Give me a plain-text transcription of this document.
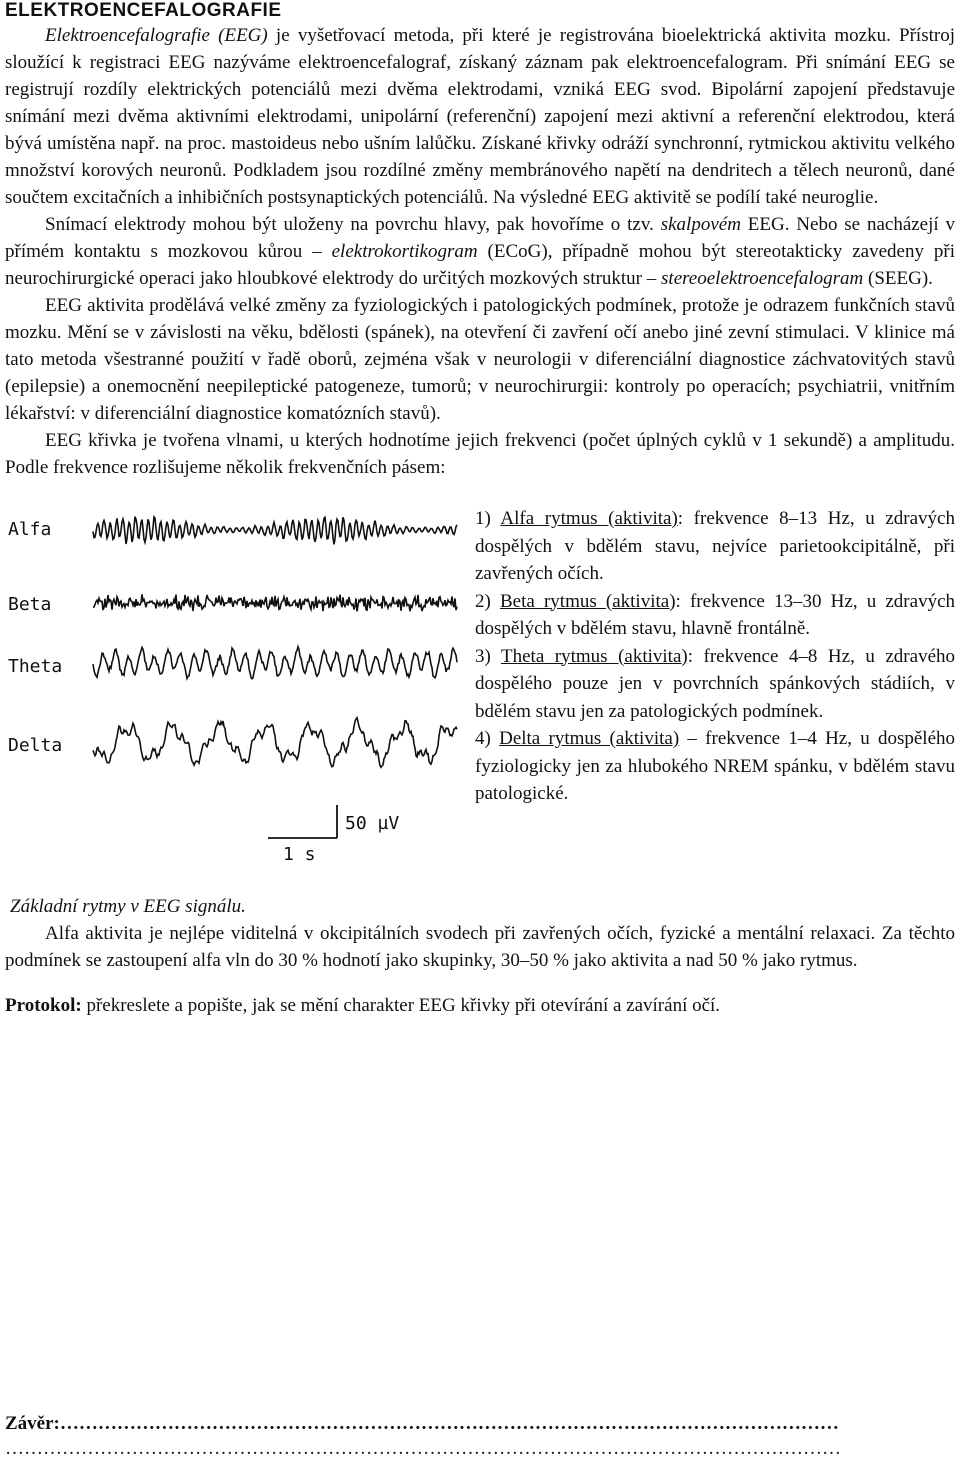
ELEKTROENCEFALOGRAFIE

Elektroencefalografie (EEG) je vyšetřovací metoda, při které je registrována bioelektrická aktivita mozku. Přístroj sloužící k registraci EEG nazýváme elektroencefalograf, získaný záznam pak elektroencefalogram. Při snímání EEG se registrují rozdíly elektrických potenciálů mezi dvěma elektrodami, vzniká EEG svod. Bipolární zapojení představuje snímání mezi dvěma aktivními elektrodami, unipolární (referenční) zapojení mezi aktivní a referenční elektrodou, která bývá umístěna např. na proc. mastoideus nebo ušním lalůčku. Získané křivky odráží synchronní, rytmickou aktivitu velkého množství korových neuronů. Podkladem jsou rozdílné změny membránového napětí na dendritech a tělech neuronů, dané součtem excitačních a inhibičních postsynaptických potenciálů. Na výsledné EEG aktivitě se podílí také neuroglie.

Snímací elektrody mohou být uloženy na povrchu hlavy, pak hovoříme o tzv. skalpovém EEG. Nebo se nacházejí v přímém kontaktu s mozkovou kůrou – elektrokortikogram (ECoG), případně mohou být stereotakticky zavedeny při neurochirurgické operaci jako hloubkové elektrody do určitých mozkových struktur – stereoelektroencefalogram (SEEG).

EEG aktivita prodělává velké změny za fyziologických i patologických podmínek, protože je odrazem funkčních stavů mozku. Mění se v závislosti na věku, bdělosti (spánek), na otevření či zavření očí anebo jiné zevní stimulaci. V klinice má tato metoda všestranné použití v řadě oborů, zejména však v neurologii v diferenciální diagnostice záchvatovitých stavů (epilepsie) a onemocnění neepileptické patogeneze, tumorů; v neurochirurgii: kontroly po operacích; psychiatrii, vnitřním lékařství: v diferenciální diagnostice komatózních stavů).

EEG křivka je tvořena vlnami, u kterých hodnotíme jejich frekvenci (počet úplných cyklů v 1 sekundě) a amplitudu. Podle frekvence rozlišujeme několik frekvenčních pásem:

Alfa
Beta
Theta
Delta
50 µV
1 s

1) Alfa rytmus (aktivita): frekvence 8–13 Hz, u zdravých dospělých v bdělém stavu, nejvíce parietookcipitálně, při zavřených očích.

2) Beta rytmus (aktivita): frekvence 13–30 Hz, u zdravých dospělých v bdělém stavu, hlavně frontálně.

3) Theta rytmus (aktivita): frekvence 4–8 Hz, u zdravého dospělého pouze jen v povrchních spánkových stádiích, v bdělém stavu jen za patologických podmínek.

4) Delta rytmus (aktivita) – frekvence 1–4 Hz, u dospělého fyziologicky jen za hlubokého NREM spánku, v bdělém stavu patologické.

Základní rytmy v EEG signálu.

Alfa aktivita je nejlépe viditelná v okcipitálních svodech při zavřených očích, fyzické a mentální relaxaci. Za těchto podmínek se zastoupení alfa vln do 30 % hodnotí jako skupinky, 30–50 % jako aktivita a nad 50 % jako rytmus.

Protokol: překreslete a popište, jak se mění charakter EEG křivky při otevírání a zavírání očí.

Závěr:……………………………………………………………………………………………………………
……………………………………………………………………………………………………………………
